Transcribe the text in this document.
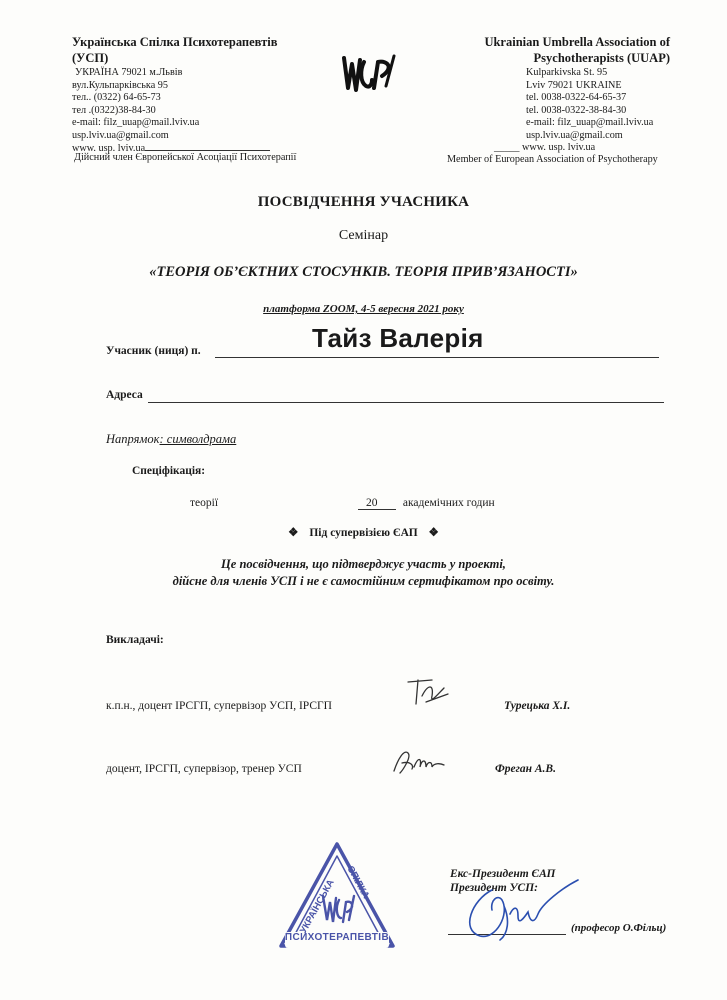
Українська Спілка Психотерапевтів
(УСП)
УКРАЇНА 79021 м.Львів
вул.Кульпарківська 95
тел.. (0322) 64-65-73
тел .(0322)38-84-30
e-mail: filz_uuap@mail.lviv.ua
usp.lviv.ua@gmail.com
www. usp. lviv.ua
Дійсний член Європейської Асоціації Психотерапії
Ukrainian Umbrella Association of
Psychotherapists (UUAP)
Kulparkivska St. 95
Lviv 79021 UKRAINE
tel. 0038-0322-64-65-37
tel. 0038-0322-38-84-30
e-mail: filz_uuap@mail.lviv.ua
usp.lviv.ua@gmail.com
_____ www. usp. lviv.ua
Member of European Association of Psychotherapy
ПОСВІДЧЕННЯ УЧАСНИКА
Семінар
«ТЕОРІЯ ОБ’ЄКТНИХ СТОСУНКІВ. ТЕОРІЯ ПРИВ’ЯЗАНОСТІ»
платформа ZOOM, 4-5 вересня 2021 року
Учасник (ниця) п.	Тайз Валерія
Адреса
Напрямок: символдрама
Спеціфікація:
теорії	20 академічних годин
❖ Під супервізією ЄАП ❖
Це посвідчення, що підтверджує участь у проекті,
дійсне для членів УСП і не є самостійним сертифікатом про освіту.
Викладачі:
к.п.н., доцент ІРСГП, супервізор УСП, ІРСГП	Турецька Х.І.
доцент, ІРСГП, супервізор, тренер УСП	Фреган А.В.
ПСИХОТЕРАПЕВТІВ
УКРАЇНСЬКА СПІЛКА	Екс-Президент ЄАП
Президент УСП:
(професор О.Фільц)
